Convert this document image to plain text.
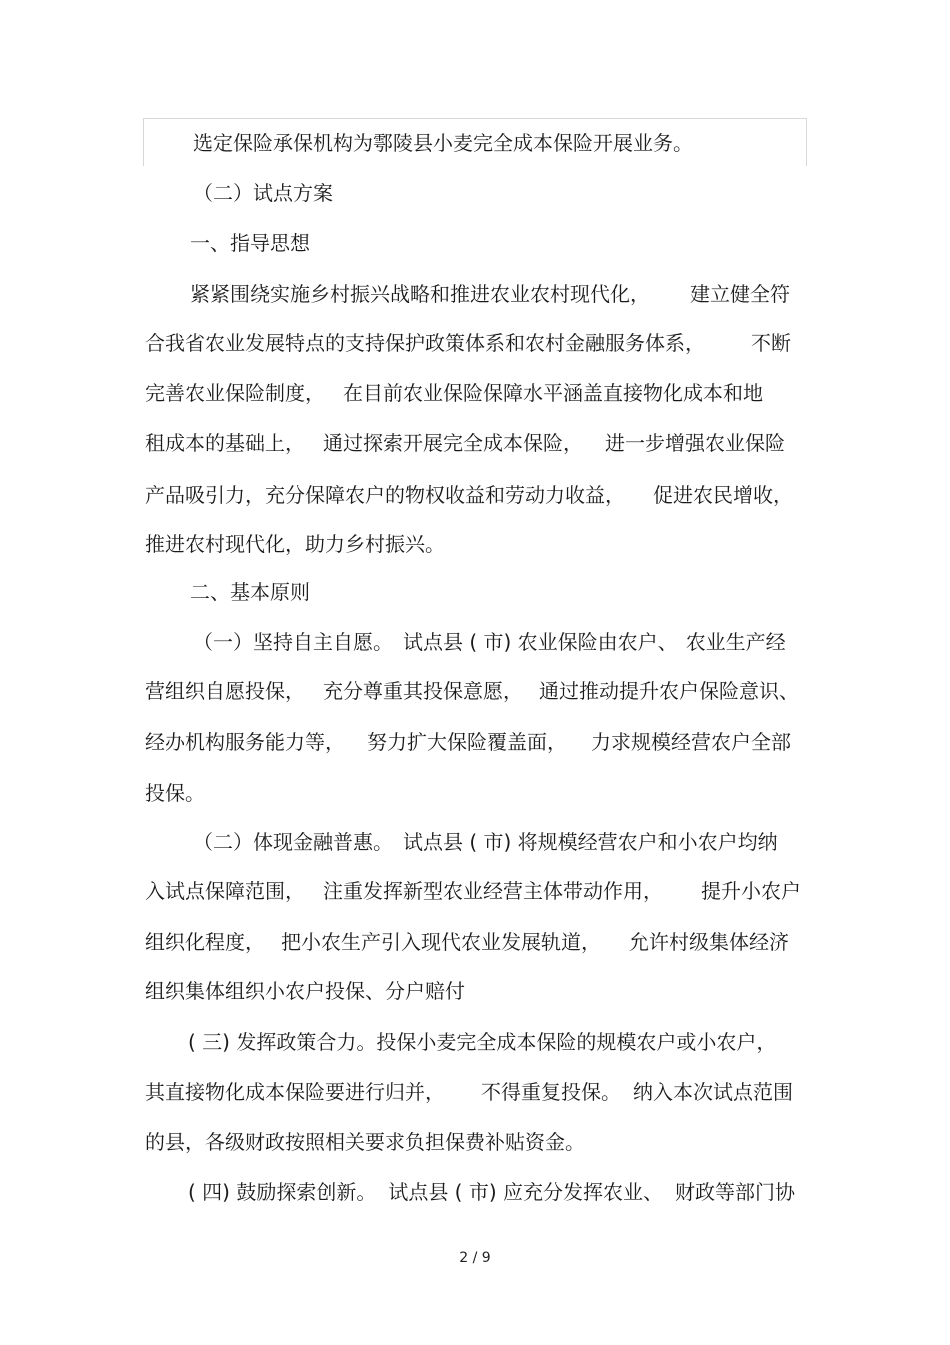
选定保险承保机构为鄠陵县小麦完全成本保险开展业务。
（二）试点方案
一、指导思想
紧紧围绕实施乡村振兴战略和推进农业农村现代化， 建立健全符
合我省农业发展特点的支持保护政策体系和农村金融服务体系， 不断
完善农业保险制度， 在目前农业保险保障水平涵盖直接物化成本和地
租成本的基础上， 通过探索开展完全成本保险， 进一步增强农业保险
产品吸引力，充分保障农户的物权收益和劳动力收益， 促进农民增收，
推进农村现代化，助力乡村振兴。
二、基本原则
（一）坚持自主自愿。 试点县 ( 市) 农业保险由农户、 农业生产经
营组织自愿投保， 充分尊重其投保意愿， 通过推动提升农户保险意识、
经办机构服务能力等， 努力扩大保险覆盖面， 力求规模经营农户全部
投保。
（二）体现金融普惠。 试点县 ( 市) 将规模经营农户和小农户均纳
入试点保障范围， 注重发挥新型农业经营主体带动作用， 提升小农户
组织化程度， 把小农生产引入现代农业发展轨道， 允许村级集体经济
组织集体组织小农户投保、分户赔付
( 三) 发挥政策合力。投保小麦完全成本保险的规模农户或小农户，
其直接物化成本保险要进行归并， 不得重复投保。 纳入本次试点范围
的县，各级财政按照相关要求负担保费补贴资金。
( 四) 鼓励探索创新。 试点县 ( 市) 应充分发挥农业、 财政等部门协
2 / 9
